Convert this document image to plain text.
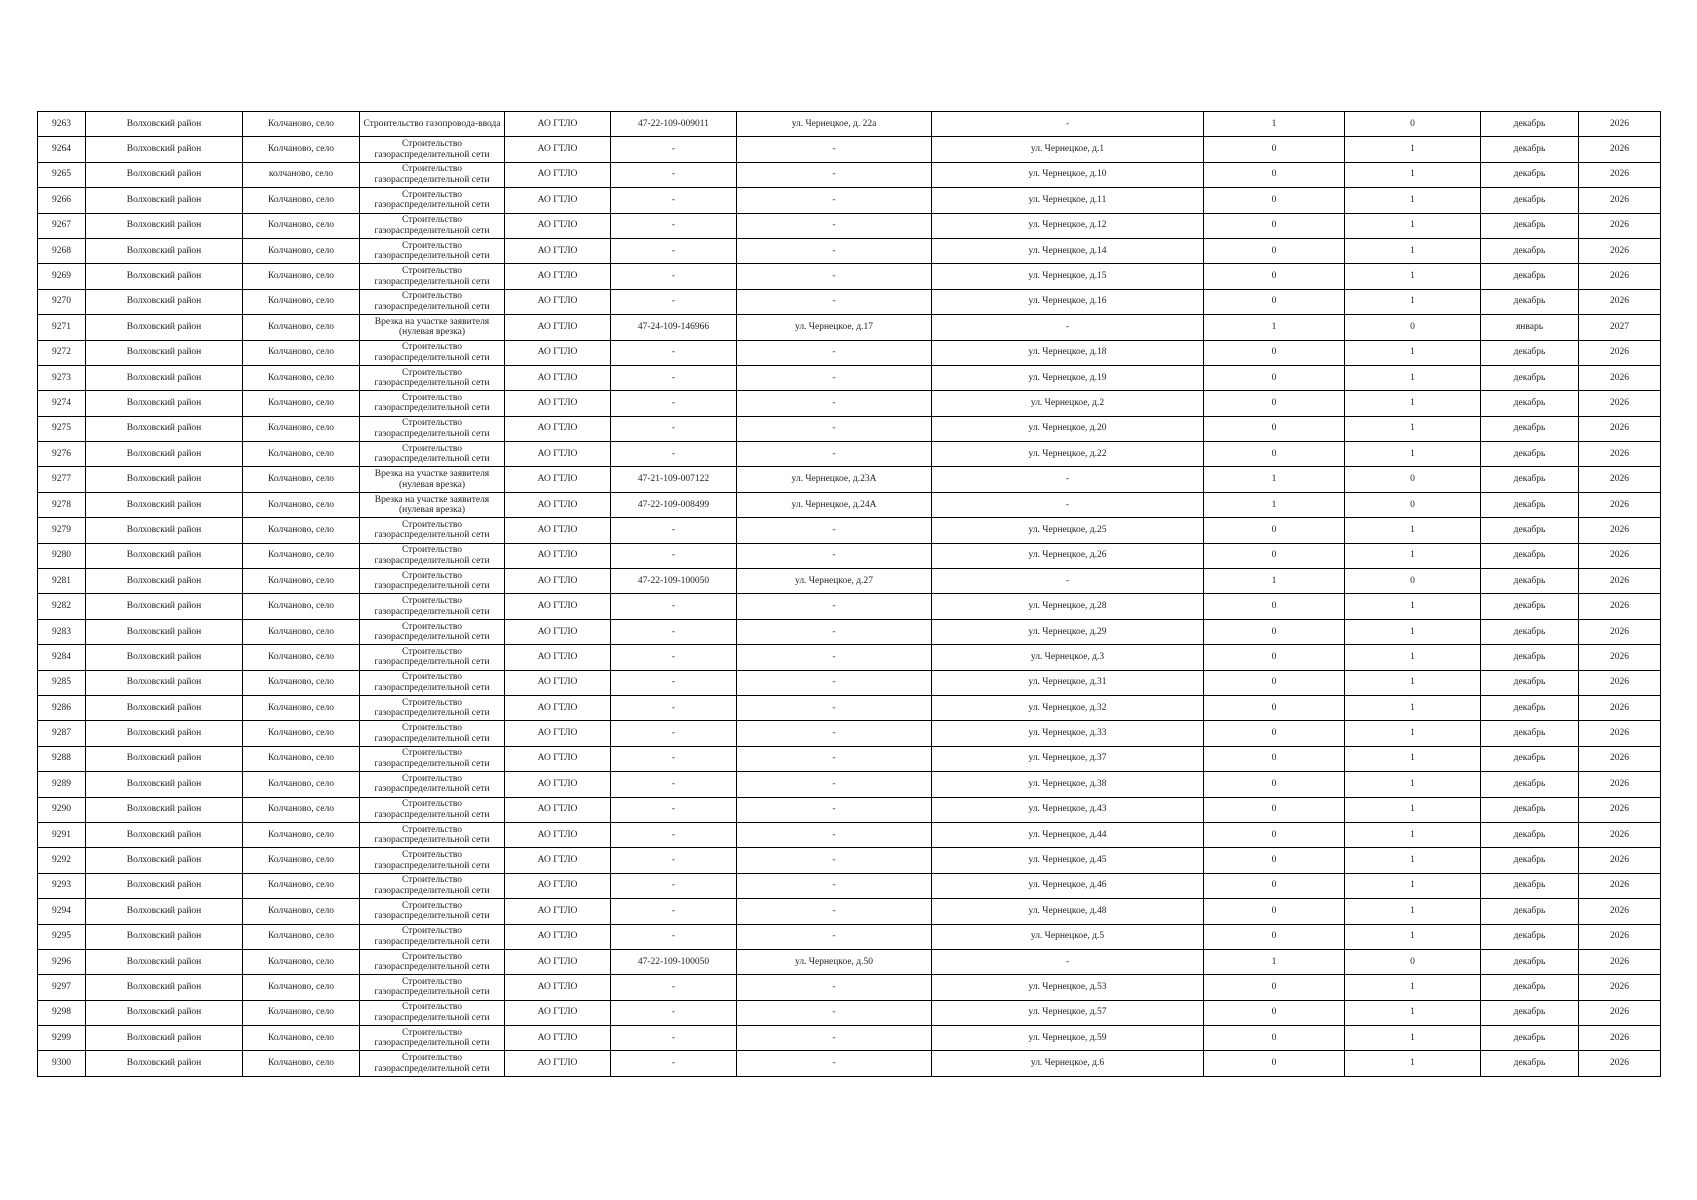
9263	Волховский район	Колчаново, село	Строительство газопровода-ввода	АО ГТЛО	47-22-109-009011	ул. Чернецкое, д. 22а	-	1	0	декабрь	2026
9264	Волховский район	Колчаново, село	Строительство газораспределительной сети	АО ГТЛО	-	-	ул. Чернецкое, д.1	0	1	декабрь	2026
9265	Волховский район	колчаново, село	Строительство газораспределительной сети	АО ГТЛО	-	-	ул. Чернецкое, д.10	0	1	декабрь	2026
9266	Волховский район	Колчаново, село	Строительство газораспределительной сети	АО ГТЛО	-	-	ул. Чернецкое, д.11	0	1	декабрь	2026
9267	Волховский район	Колчаново, село	Строительство газораспределительной сети	АО ГТЛО	-	-	ул. Чернецкое, д.12	0	1	декабрь	2026
9268	Волховский район	Колчаново, село	Строительство газораспределительной сети	АО ГТЛО	-	-	ул. Чернецкое, д.14	0	1	декабрь	2026
9269	Волховский район	Колчаново, село	Строительство газораспределительной сети	АО ГТЛО	-	-	ул. Чернецкое, д.15	0	1	декабрь	2026
9270	Волховский район	Колчаново, село	Строительство газораспределительной сети	АО ГТЛО	-	-	ул. Чернецкое, д.16	0	1	декабрь	2026
9271	Волховский район	Колчаново, село	Врезка на участке заявителя (нулевая врезка)	АО ГТЛО	47-24-109-146966	ул. Чернецкое, д.17	-	1	0	январь	2027
9272	Волховский район	Колчаново, село	Строительство газораспределительной сети	АО ГТЛО	-	-	ул. Чернецкое, д.18	0	1	декабрь	2026
9273	Волховский район	Колчаново, село	Строительство газораспределительной сети	АО ГТЛО	-	-	ул. Чернецкое, д.19	0	1	декабрь	2026
9274	Волховский район	Колчаново, село	Строительство газораспределительной сети	АО ГТЛО	-	-	ул. Чернецкое, д.2	0	1	декабрь	2026
9275	Волховский район	Колчаново, село	Строительство газораспределительной сети	АО ГТЛО	-	-	ул. Чернецкое, д.20	0	1	декабрь	2026
9276	Волховский район	Колчаново, село	Строительство газораспределительной сети	АО ГТЛО	-	-	ул. Чернецкое, д.22	0	1	декабрь	2026
9277	Волховский район	Колчаново, село	Врезка на участке заявителя (нулевая врезка)	АО ГТЛО	47-21-109-007122	ул. Чернецкое, д.23А	-	1	0	декабрь	2026
9278	Волховский район	Колчаново, село	Врезка на участке заявителя (нулевая врезка)	АО ГТЛО	47-22-109-008499	ул. Чернецкое, д.24А	-	1	0	декабрь	2026
9279	Волховский район	Колчаново, село	Строительство газораспределительной сети	АО ГТЛО	-	-	ул. Чернецкое, д.25	0	1	декабрь	2026
9280	Волховский район	Колчаново, село	Строительство газораспределительной сети	АО ГТЛО	-	-	ул. Чернецкое, д.26	0	1	декабрь	2026
9281	Волховский район	Колчаново, село	Строительство газораспределительной сети	АО ГТЛО	47-22-109-100050	ул. Чернецкое, д.27	-	1	0	декабрь	2026
9282	Волховский район	Колчаново, село	Строительство газораспределительной сети	АО ГТЛО	-	-	ул. Чернецкое, д.28	0	1	декабрь	2026
9283	Волховский район	Колчаново, село	Строительство газораспределительной сети	АО ГТЛО	-	-	ул. Чернецкое, д.29	0	1	декабрь	2026
9284	Волховский район	Колчаново, село	Строительство газораспределительной сети	АО ГТЛО	-	-	ул. Чернецкое, д.3	0	1	декабрь	2026
9285	Волховский район	Колчаново, село	Строительство газораспределительной сети	АО ГТЛО	-	-	ул. Чернецкое, д.31	0	1	декабрь	2026
9286	Волховский район	Колчаново, село	Строительство газораспределительной сети	АО ГТЛО	-	-	ул. Чернецкое, д.32	0	1	декабрь	2026
9287	Волховский район	Колчаново, село	Строительство газораспределительной сети	АО ГТЛО	-	-	ул. Чернецкое, д.33	0	1	декабрь	2026
9288	Волховский район	Колчаново, село	Строительство газораспределительной сети	АО ГТЛО	-	-	ул. Чернецкое, д.37	0	1	декабрь	2026
9289	Волховский район	Колчаново, село	Строительство газораспределительной сети	АО ГТЛО	-	-	ул. Чернецкое, д.38	0	1	декабрь	2026
9290	Волховский район	Колчаново, село	Строительство газораспределительной сети	АО ГТЛО	-	-	ул. Чернецкое, д.43	0	1	декабрь	2026
9291	Волховский район	Колчаново, село	Строительство газораспределительной сети	АО ГТЛО	-	-	ул. Чернецкое, д.44	0	1	декабрь	2026
9292	Волховский район	Колчаново, село	Строительство газораспределительной сети	АО ГТЛО	-	-	ул. Чернецкое, д.45	0	1	декабрь	2026
9293	Волховский район	Колчаново, село	Строительство газораспределительной сети	АО ГТЛО	-	-	ул. Чернецкое, д.46	0	1	декабрь	2026
9294	Волховский район	Колчаново, село	Строительство газораспределительной сети	АО ГТЛО	-	-	ул. Чернецкое, д.48	0	1	декабрь	2026
9295	Волховский район	Колчаново, село	Строительство газораспределительной сети	АО ГТЛО	-	-	ул. Чернецкое, д.5	0	1	декабрь	2026
9296	Волховский район	Колчаново, село	Строительство газораспределительной сети	АО ГТЛО	47-22-109-100050	ул. Чернецкое, д.50	-	1	0	декабрь	2026
9297	Волховский район	Колчаново, село	Строительство газораспределительной сети	АО ГТЛО	-	-	ул. Чернецкое, д.53	0	1	декабрь	2026
9298	Волховский район	Колчаново, село	Строительство газораспределительной сети	АО ГТЛО	-	-	ул. Чернецкое, д.57	0	1	декабрь	2026
9299	Волховский район	Колчаново, село	Строительство газораспределительной сети	АО ГТЛО	-	-	ул. Чернецкое, д.59	0	1	декабрь	2026
9300	Волховский район	Колчаново, село	Строительство газораспределительной сети	АО ГТЛО	-	-	ул. Чернецкое, д.6	0	1	декабрь	2026
